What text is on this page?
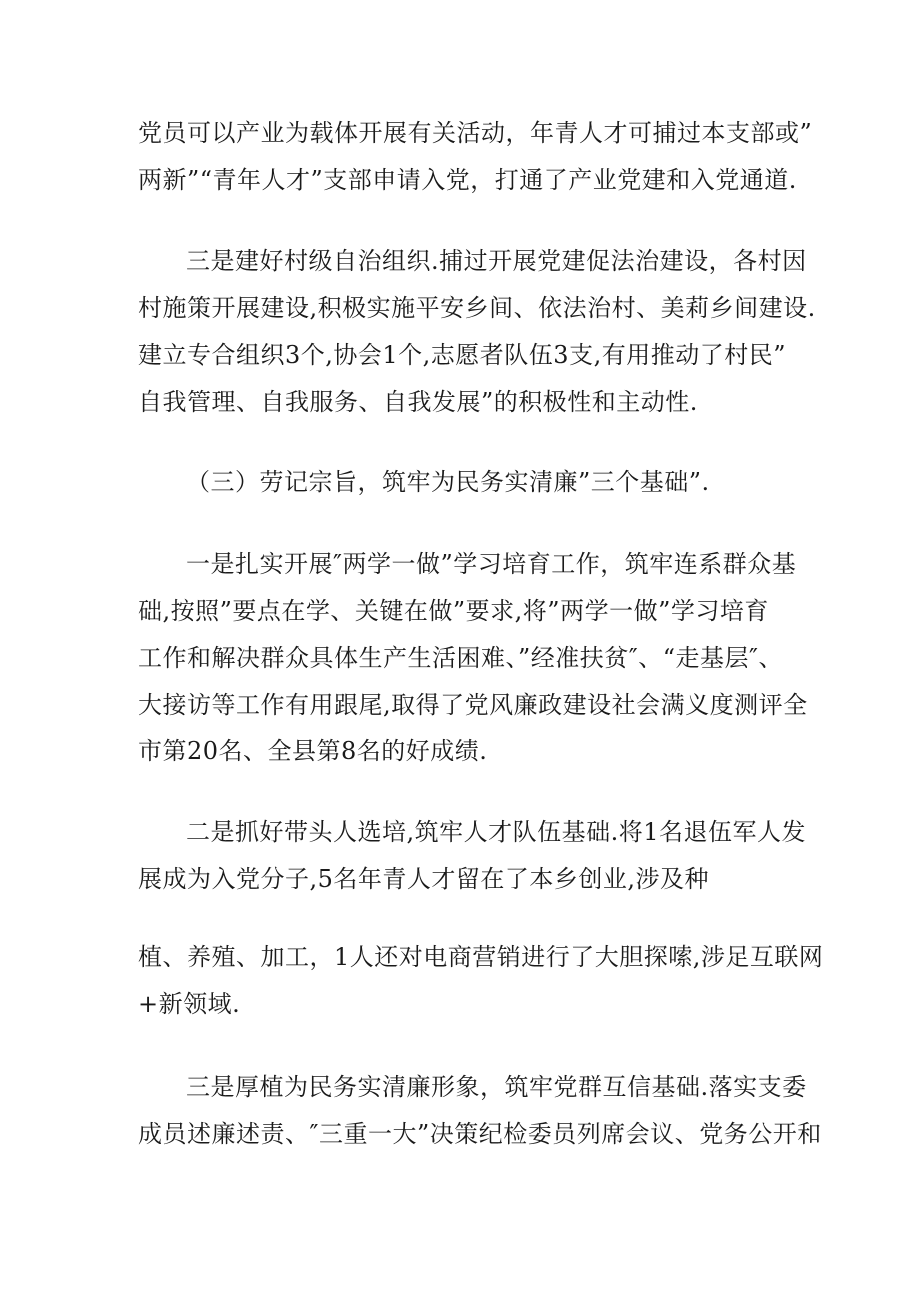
党员可以产业为载体开展有关活动，年青人才可捕过本支部或”
两新”“青年人才”支部申请入党，打通了产业党建和入党通道.
三是建好村级自治组织.捕过开展党建促法治建设，各村因
村施策开展建设,积极实施平安乡间、依法治村、美莉乡间建设.
建立专合组织3个,协会1个,志愿者队伍3支,有用推动了村民”
自我管理、自我服务、自我发展”的积极性和主动性.
（三）劳记宗旨，筑牢为民务实清廉”三个基础”.
一是扎实开展″两学一做”学习培育工作，筑牢连系群众基
础,按照”要点在学、关键在做”要求,将”两学一做”学习培育
工作和解决群众具体生产生活困难、”经准扶贫″、“走基层″、
大接访等工作有用跟尾,取得了党风廉政建设社会满义度测评全
市第20名、全县第8名的好成绩.
二是抓好带头人选培,筑牢人才队伍基础.将1名退伍军人发
展成为入党分子,5名年青人才留在了本乡创业,涉及种
植、养殖、加工，1人还对电商营销进行了大胆探嗦,涉足互联网
+新领域.
三是厚植为民务实清廉形象，筑牢党群互信基础.落实支委
成员述廉述责、″三重一大”决策纪检委员列席会议、党务公开和
